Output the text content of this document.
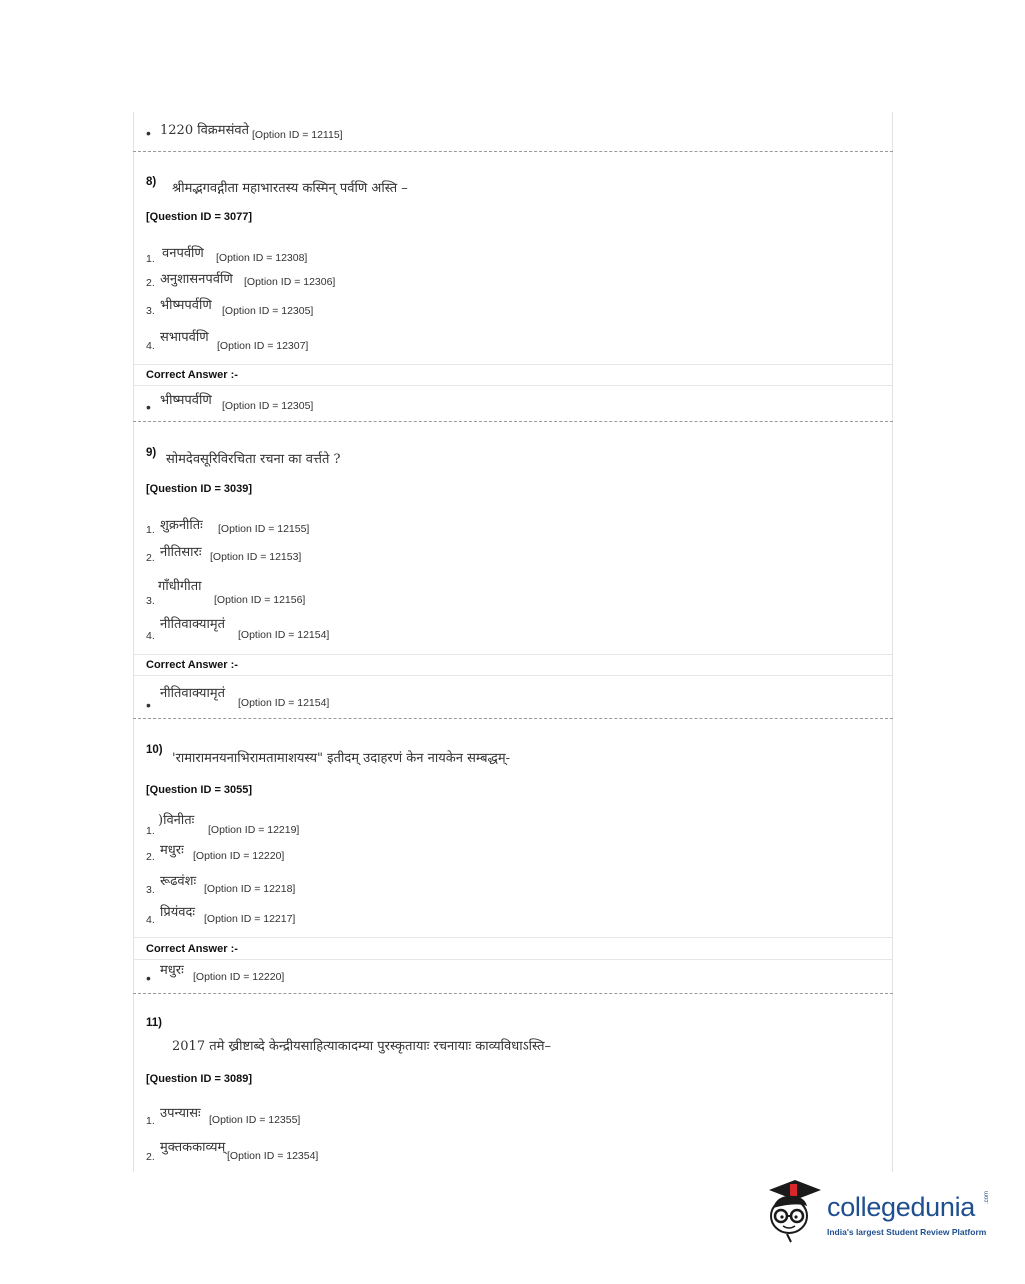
• 1220 विक्रमसंवते [Option ID = 12115]
8) श्रीमद्भगवद्गीता महाभारतस्य कस्मिन् पर्वणि अस्ति –
[Question ID = 3077]
1. वनपर्वणि [Option ID = 12308]
2. अनुशासनपर्वणि [Option ID = 12306]
3. भीष्मपर्वणि [Option ID = 12305]
4.
सभापर्वणि
[Option ID = 12307]
Correct Answer :-
• भीष्मपर्वणि [Option ID = 12305]
9) सोमदेवसूरिविरचिता रचना का वर्त्तते ?
[Question ID = 3039]
1. शुक्रनीतिः [Option ID = 12155]
2. नीतिसारः [Option ID = 12153]
3.
गाँधीगीता
[Option ID = 12156]
4.
नीतिवाक्यामृतं
[Option ID = 12154]
Correct Answer :-
•
नीतिवाक्यामृतं
[Option ID = 12154]
10)
'रामारामनयनाभिरामतामाशयस्य" इतीदम् उदाहरणं केन नायकेन सम्बद्धम्-
[Question ID = 3055]
1.
)विनीतः
[Option ID = 12219]
2. मधुरः [Option ID = 12220]
3.
रूढवंशः [Option ID = 12218]
4. प्रियंवदः [Option ID = 12217]
Correct Answer :-
• मधुरः [Option ID = 12220]
11)
2017 तमे ख्रीष्टाब्दे केन्द्रीयसाहित्याकादम्या पुरस्कृतायाः रचनायाः काव्यविधाऽस्ति–
[Question ID = 3089]
1. उपन्यासः [Option ID = 12355]
2.
मुक्तककाव्यम्
[Option ID = 12354]
collegedunia .com
India's largest Student Review Platform
